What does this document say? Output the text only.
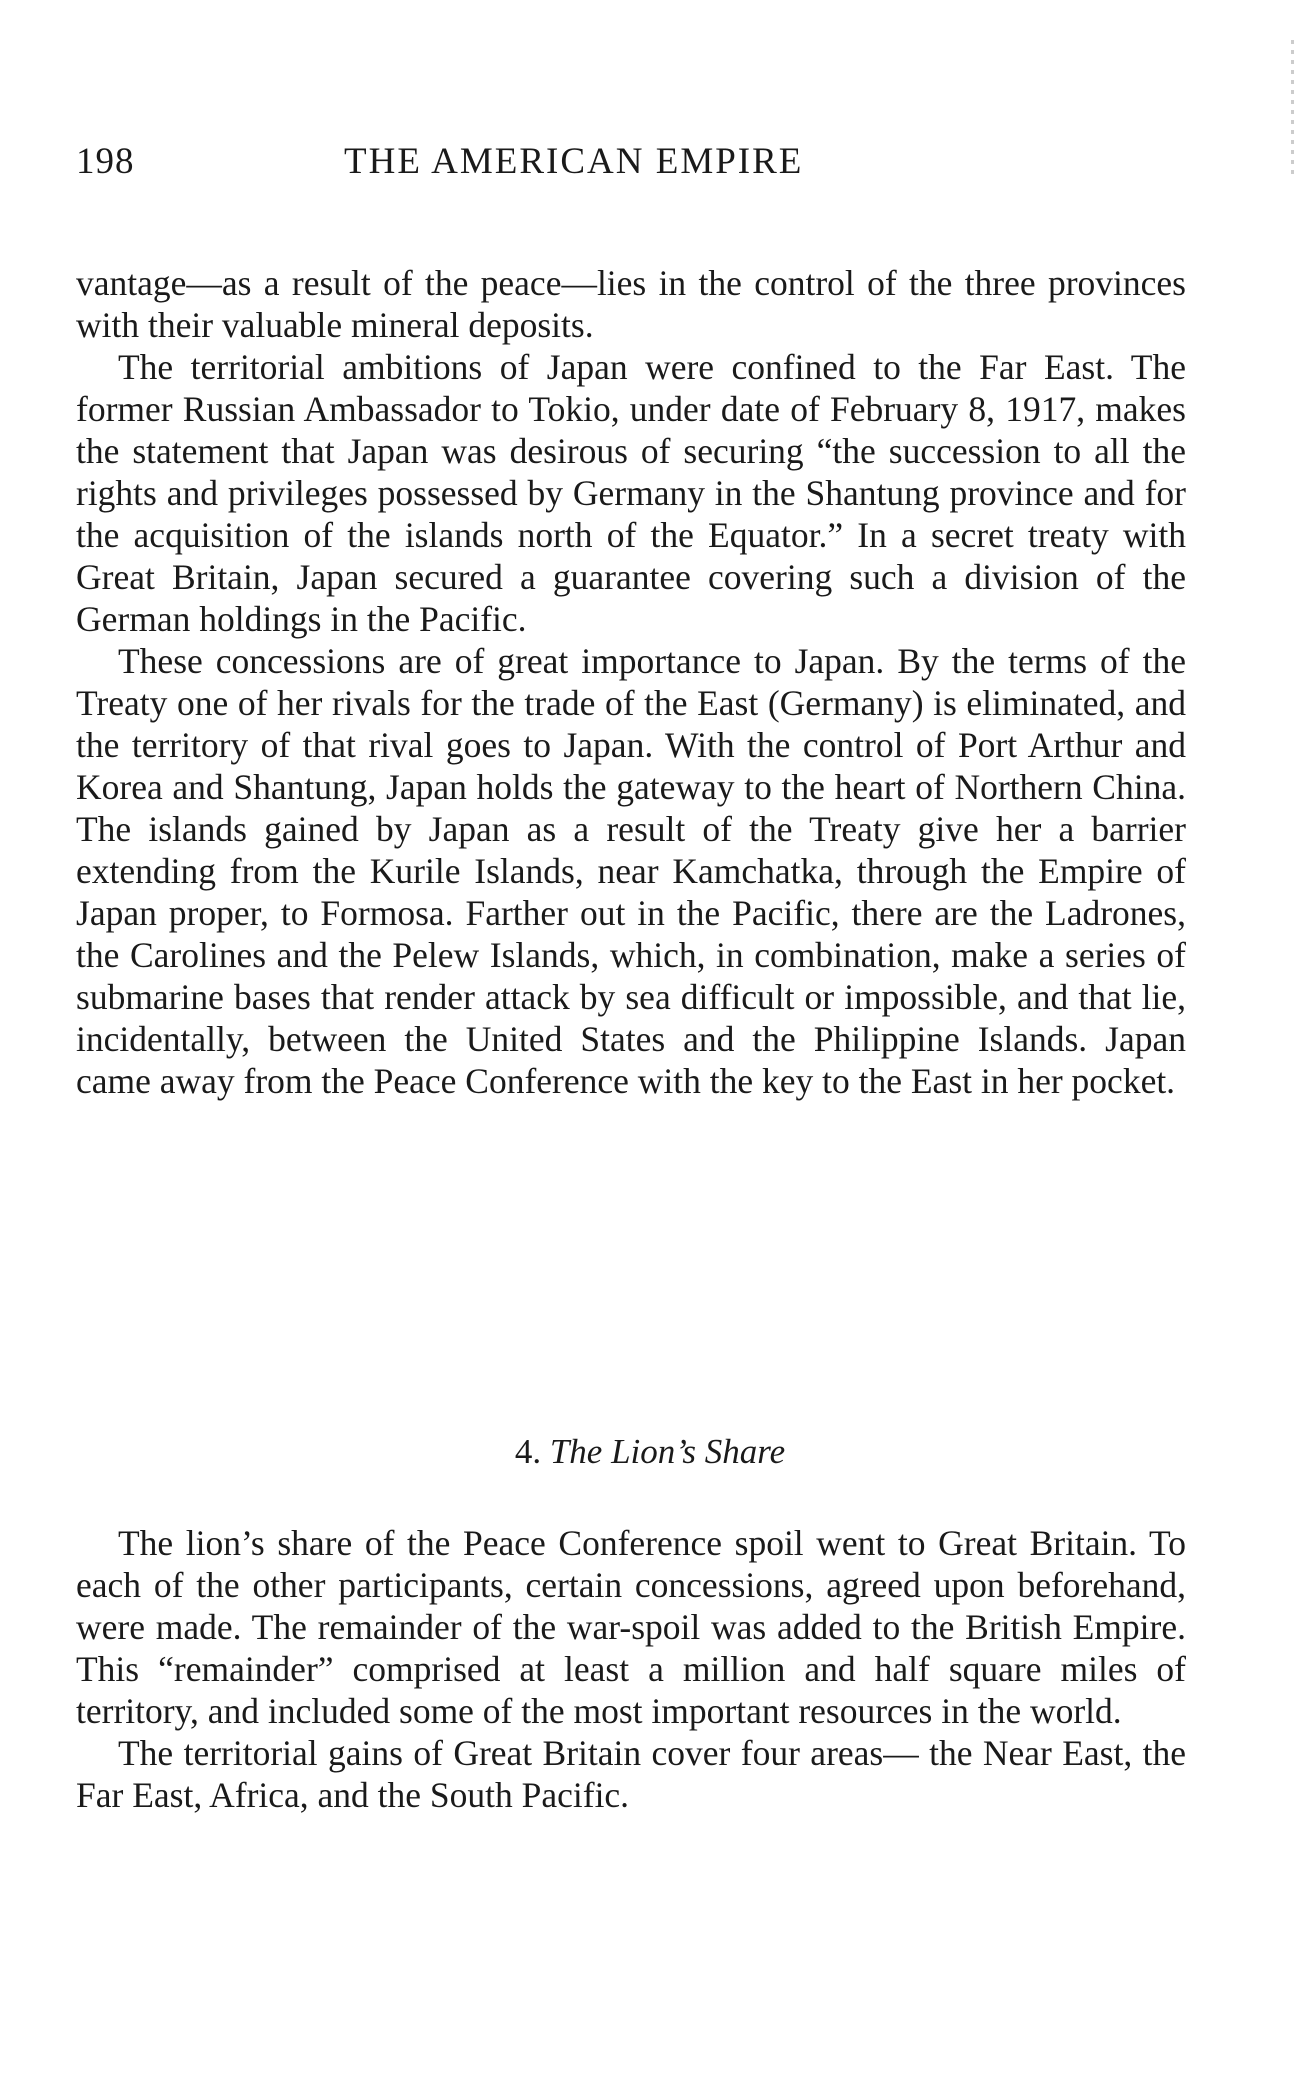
198	THE AMERICAN EMPIRE

vantage—as a result of the peace—lies in the control of the three provinces with their valuable mineral deposits.

The territorial ambitions of Japan were confined to the Far East. The former Russian Ambassador to Tokio, under date of February 8, 1917, makes the statement that Japan was desirous of securing “the succession to all the rights and privileges possessed by Germany in the Shantung province and for the acquisition of the islands north of the Equator.” In a secret treaty with Great Britain, Japan secured a guarantee covering such a division of the German holdings in the Pacific.

These concessions are of great importance to Japan. By the terms of the Treaty one of her rivals for the trade of the East (Germany) is eliminated, and the territory of that rival goes to Japan. With the control of Port Arthur and Korea and Shantung, Japan holds the gateway to the heart of Northern China. The islands gained by Japan as a result of the Treaty give her a barrier extending from the Kurile Islands, near Kamchatka, through the Empire of Japan proper, to Formosa. Farther out in the Pacific, there are the Ladrones, the Carolines and the Pelew Islands, which, in combination, make a series of submarine bases that render attack by sea difficult or impossible, and that lie, incidentally, between the United States and the Philippine Islands. Japan came away from the Peace Conference with the key to the East in her pocket.

4. The Lion’s Share

The lion’s share of the Peace Conference spoil went to Great Britain. To each of the other participants, certain concessions, agreed upon beforehand, were made. The remainder of the war-spoil was added to the British Empire. This “remainder” comprised at least a million and half square miles of territory, and included some of the most important resources in the world.

The territorial gains of Great Britain cover four areas— the Near East, the Far East, Africa, and the South Pacific.
